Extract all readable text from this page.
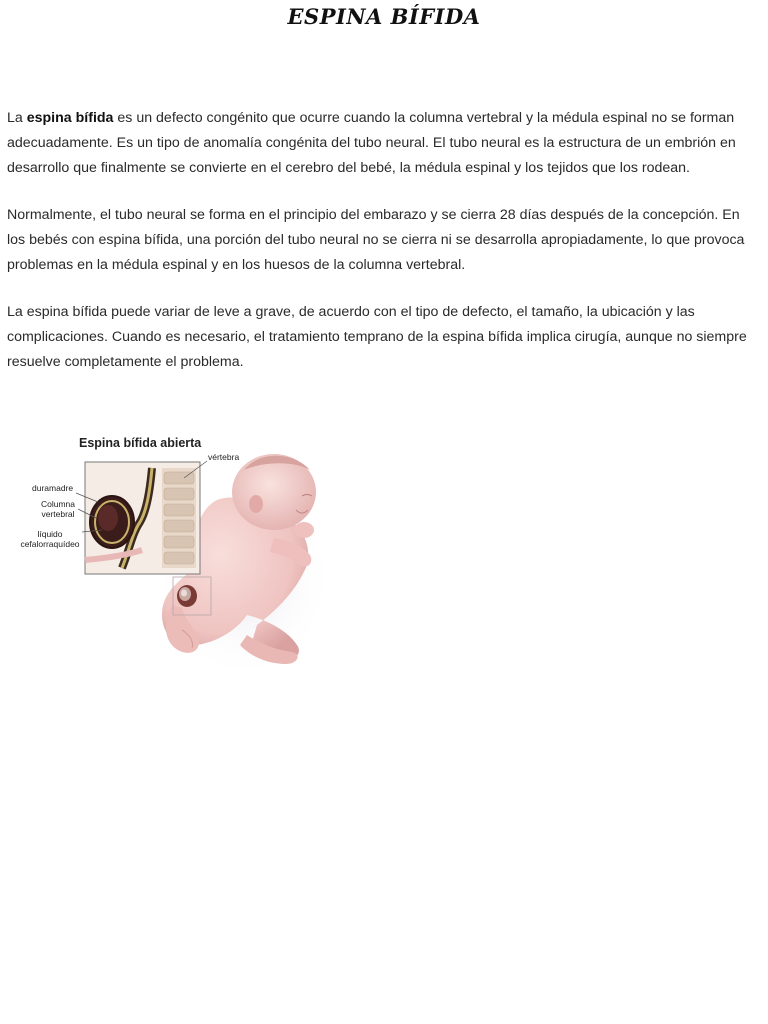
ESPINA BÍFIDA

La espina bífida es un defecto congénito que ocurre cuando la columna vertebral y la médula espinal no se forman adecuadamente. Es un tipo de anomalía congénita del tubo neural. El tubo neural es la estructura de un embrión en desarrollo que finalmente se convierte en el cerebro del bebé, la médula espinal y los tejidos que los rodean.

Normalmente, el tubo neural se forma en el principio del embarazo y se cierra 28 días después de la concepción. En los bebés con espina bífida, una porción del tubo neural no se cierra ni se desarrolla apropiadamente, lo que provoca problemas en la médula espinal y en los huesos de la columna vertebral.

La espina bífida puede variar de leve a grave, de acuerdo con el tipo de defecto, el tamaño, la ubicación y las complicaciones. Cuando es necesario, el tratamiento temprano de la espina bífida implica cirugía, aunque no siempre resuelve completamente el problema.

Espina bífida abierta
vértebra
duramadre
Columna vertebral
líquido cefalorraquídeo
